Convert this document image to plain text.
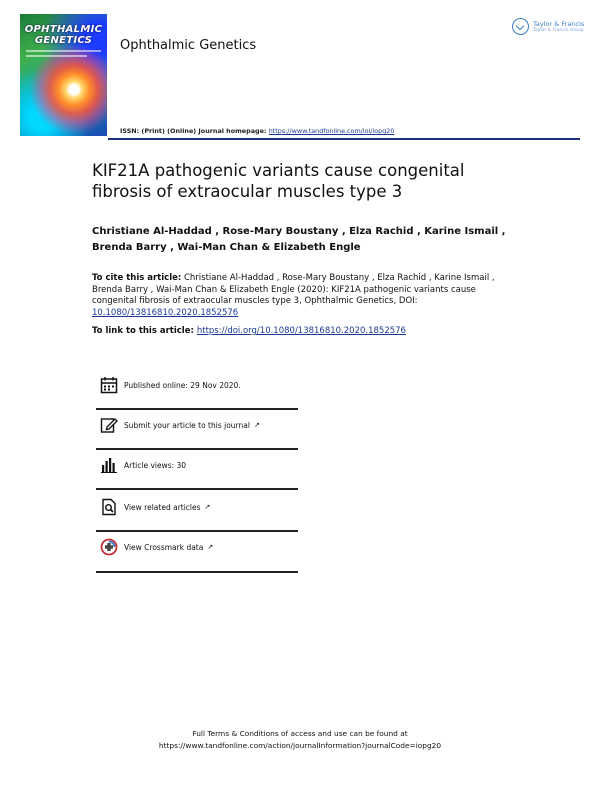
OPHTHALMIC
GENETICS	Ophthalmic Genetics
ISSN: (Print) (Online) Journal homepage: https://www.tandfonline.com/loi/iopg20
Taylor & Francis
Taylor & Francis Group
KIF21A pathogenic variants cause congenital fibrosis of extraocular muscles type 3
Christiane Al-Haddad , Rose-Mary Boustany , Elza Rachid , Karine Ismail , Brenda Barry , Wai-Man Chan & Elizabeth Engle
To cite this article: Christiane Al-Haddad , Rose-Mary Boustany , Elza Rachid , Karine Ismail , Brenda Barry , Wai-Man Chan & Elizabeth Engle (2020): KIF21A pathogenic variants cause congenital fibrosis of extraocular muscles type 3, Ophthalmic Genetics, DOI: 10.1080/13816810.2020.1852576
To link to this article: https://doi.org/10.1080/13816810.2020.1852576
Published online: 29 Nov 2020.
Submit your article to this journal ↗
Article views: 30
View related articles ↗
View Crossmark data ↗
Full Terms & Conditions of access and use can be found at
https://www.tandfonline.com/action/journalInformation?journalCode=iopg20
